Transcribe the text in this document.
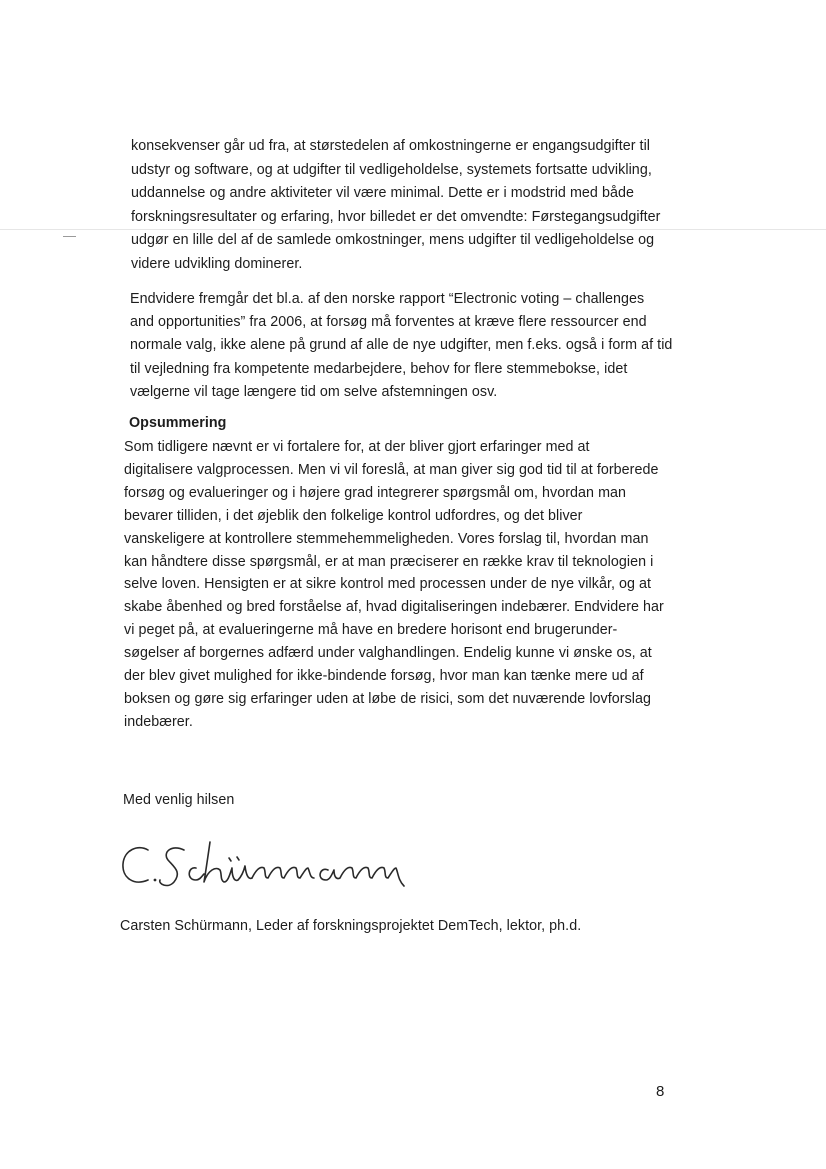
konsekvenser går ud fra, at størstedelen af omkostningerne er engangsudgifter til
udstyr og software, og at udgifter til vedligeholdelse, systemets fortsatte udvikling,
uddannelse og andre aktiviteter vil være minimal. Dette er i modstrid med både
forskningsresultater og erfaring, hvor billedet er det omvendte: Førstegangsudgifter
udgør en lille del af de samlede omkostninger, mens udgifter til vedligeholdelse og
videre udvikling dominerer.
Endvidere fremgår det bl.a. af den norske rapport “Electronic voting – challenges
and opportunities” fra 2006, at forsøg må forventes at kræve flere ressourcer end
normale valg, ikke alene på grund af alle de nye udgifter, men f.eks. også i form af tid
til vejledning fra kompetente medarbejdere, behov for flere stemmebokse, idet
vælgerne vil tage længere tid om selve afstemningen osv.
Opsummering
Som tidligere nævnt er vi fortalere for, at der bliver gjort erfaringer med at
digitalisere valgprocessen. Men vi vil foreslå, at man giver sig god tid til at forberede
forsøg og evalueringer og i højere grad integrerer spørgsmål om, hvordan man
bevarer tilliden, i det øjeblik den folkelige kontrol udfordres, og det bliver
vanskeligere at kontrollere stemmehemmeligheden. Vores forslag til, hvordan man
kan håndtere disse spørgsmål, er at man præciserer en række krav til teknologien i
selve loven. Hensigten er at sikre kontrol med processen under de nye vilkår, og at
skabe åbenhed og bred forståelse af, hvad digitaliseringen indebærer. Endvidere har
vi peget på, at evalueringerne må have en bredere horisont end brugerunder-
søgelser af borgernes adfærd under valghandlingen. Endelig kunne vi ønske os, at
der blev givet mulighed for ikke-bindende forsøg, hvor man kan tænke mere ud af
boksen og gøre sig erfaringer uden at løbe de risici, som det nuværende lovforslag
indebærer.
Med venlig hilsen
Carsten Schürmann, Leder af forskningsprojektet DemTech, lektor, ph.d.
8
